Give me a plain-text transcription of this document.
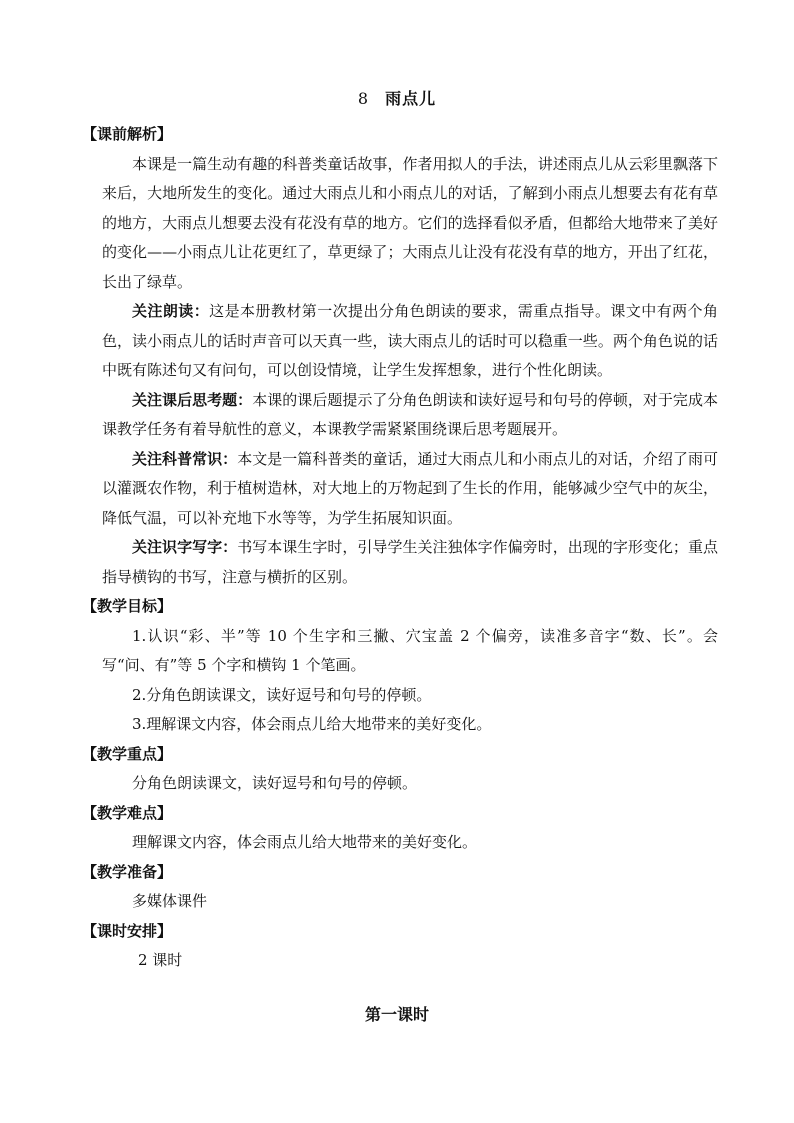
8 雨点儿
【课前解析】

本课是一篇生动有趣的科普类童话故事，作者用拟人的手法，讲述雨点儿从云彩里飘落下来后，大地所发生的变化。通过大雨点儿和小雨点儿的对话，了解到小雨点儿想要去有花有草的地方，大雨点儿想要去没有花没有草的地方。它们的选择看似矛盾，但都给大地带来了美好的变化——小雨点儿让花更红了，草更绿了；大雨点儿让没有花没有草的地方，开出了红花，长出了绿草。

关注朗读：这是本册教材第一次提出分角色朗读的要求，需重点指导。课文中有两个角色，读小雨点儿的话时声音可以天真一些，读大雨点儿的话时可以稳重一些。两个角色说的话中既有陈述句又有问句，可以创设情境，让学生发挥想象，进行个性化朗读。

关注课后思考题：本课的课后题提示了分角色朗读和读好逗号和句号的停顿，对于完成本课教学任务有着导航性的意义，本课教学需紧紧围绕课后思考题展开。

关注科普常识：本文是一篇科普类的童话，通过大雨点儿和小雨点儿的对话，介绍了雨可以灌溉农作物，利于植树造林，对大地上的万物起到了生长的作用，能够减少空气中的灰尘，降低气温，可以补充地下水等等，为学生拓展知识面。

关注识字写字：书写本课生字时，引导学生关注独体字作偏旁时，出现的字形变化；重点指导横钩的书写，注意与横折的区别。

【教学目标】

1.认识“彩、半”等 10 个生字和三撇、穴宝盖 2 个偏旁，读准多音字“数、长”。会写“问、有”等 5 个字和横钩 1 个笔画。

2.分角色朗读课文，读好逗号和句号的停顿。

3.理解课文内容，体会雨点儿给大地带来的美好变化。

【教学重点】

分角色朗读课文，读好逗号和句号的停顿。

【教学难点】

理解课文内容，体会雨点儿给大地带来的美好变化。

【教学准备】

多媒体课件

【课时安排】

2 课时

第一课时
